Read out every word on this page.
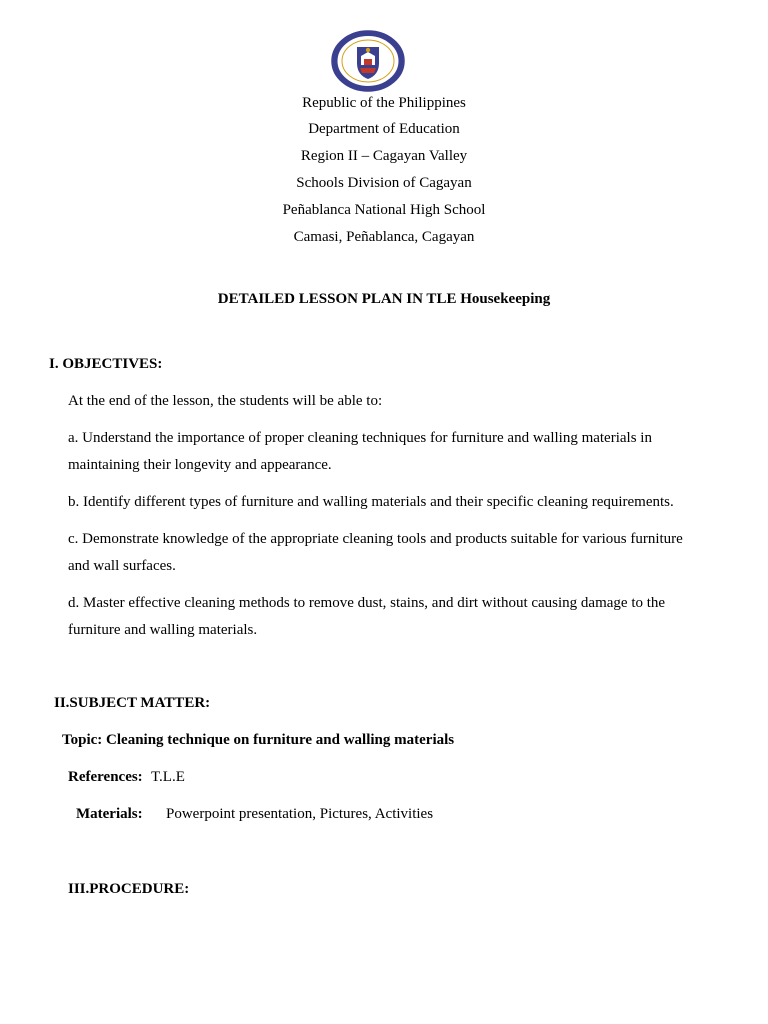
Republic of the Philippines
Department of Education
Region II – Cagayan Valley
Schools Division of Cagayan
Peñablanca National High School
Camasi, Peñablanca, Cagayan
DETAILED LESSON PLAN IN TLE Housekeeping
I. OBJECTIVES:
At the end of the lesson, the students will be able to:
a. Understand the importance of proper cleaning techniques for furniture and walling materials in maintaining their longevity and appearance.
b. Identify different types of furniture and walling materials and their specific cleaning requirements.
c. Demonstrate knowledge of the appropriate cleaning tools and products suitable for various furniture and wall surfaces.
d. Master effective cleaning methods to remove dust, stains, and dirt without causing damage to the furniture and walling materials.
II.SUBJECT MATTER:
Topic: Cleaning technique on furniture and walling materials
References: T.L.E
Materials: Powerpoint presentation, Pictures, Activities
III.PROCEDURE:
